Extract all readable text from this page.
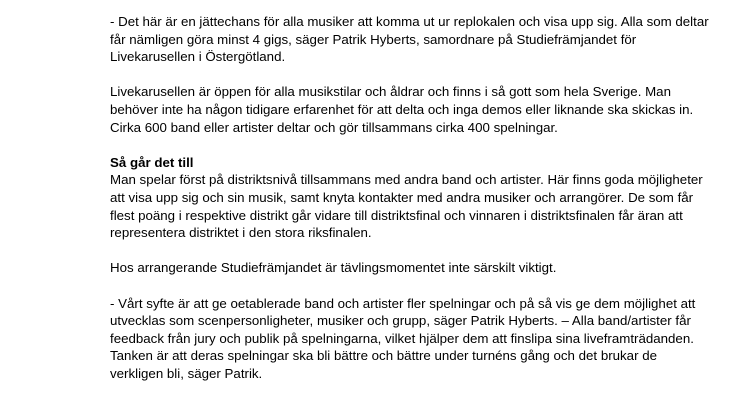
- Det här är en jättechans för alla musiker att komma ut ur replokalen och visa upp sig. Alla som deltar får nämligen göra minst 4 gigs, säger Patrik Hyberts, samordnare på Studiefrämjandet för Livekarusellen i Östergötland.

Livekarusellen är öppen för alla musikstilar och åldrar och finns i så gott som hela Sverige. Man behöver inte ha någon tidigare erfarenhet för att delta och inga demos eller liknande ska skickas in. Cirka 600 band eller artister deltar och gör tillsammans cirka 400 spelningar.

Så går det till
Man spelar först på distriktsnivå tillsammans med andra band och artister. Här finns goda möjligheter att visa upp sig och sin musik, samt knyta kontakter med andra musiker och arrangörer. De som får flest poäng i respektive distrikt går vidare till distriktsfinal och vinnaren i distriktsfinalen får äran att representera distriktet i den stora riksfinalen.

Hos arrangerande Studiefrämjandet är tävlingsmomentet inte särskilt viktigt.

- Vårt syfte är att ge oetablerade band och artister fler spelningar och på så vis ge dem möjlighet att utvecklas som scenpersonligheter, musiker och grupp, säger Patrik Hyberts. – Alla band/artister får feedback från jury och publik på spelningarna, vilket hjälper dem att finslipa sina liveframträdanden. Tanken är att deras spelningar ska bli bättre och bättre under turnéns gång och det brukar de verkligen bli, säger Patrik.
